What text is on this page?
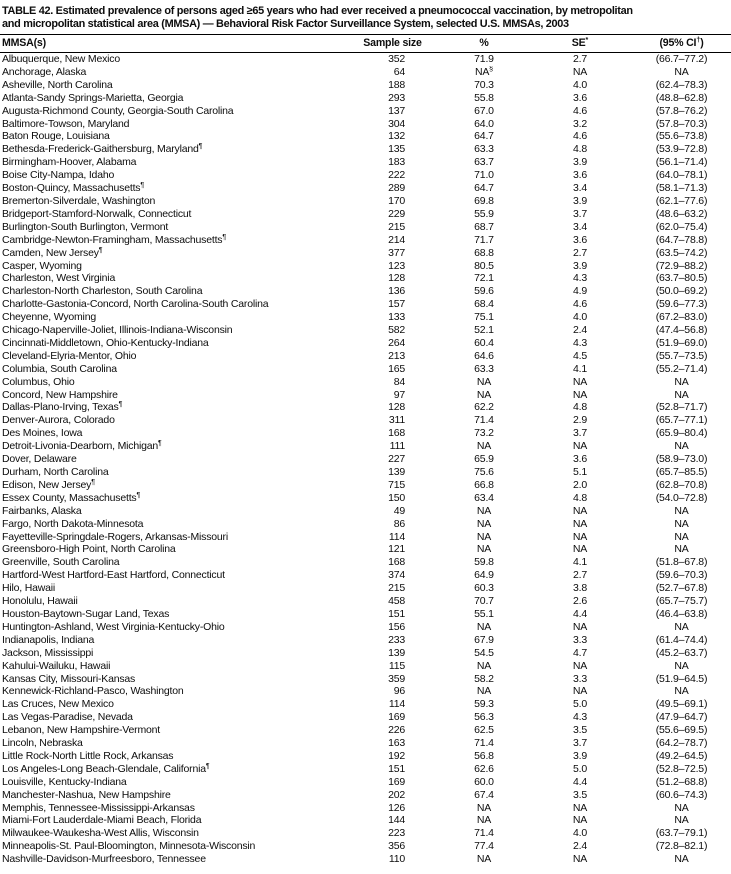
TABLE 42. Estimated prevalence of persons aged ≥65 years who had ever received a pneumococcal vaccination, by metropolitan
and micropolitan statistical area (MMSA) — Behavioral Risk Factor Surveillance System, selected U.S. MMSAs, 2003
MMSA(s)	Sample size	%	SE*	(95% CI†)
Albuquerque, New Mexico	352	71.9	2.7	(66.7–77.2)
Anchorage, Alaska	64	NA§	NA	NA
Asheville, North Carolina	188	70.3	4.0	(62.4–78.3)
Atlanta-Sandy Springs-Marietta, Georgia	293	55.8	3.6	(48.8–62.8)
Augusta-Richmond County, Georgia-South Carolina	137	67.0	4.6	(57.8–76.2)
Baltimore-Towson, Maryland	304	64.0	3.2	(57.8–70.3)
Baton Rouge, Louisiana	132	64.7	4.6	(55.6–73.8)
Bethesda-Frederick-Gaithersburg, Maryland¶	135	63.3	4.8	(53.9–72.8)
Birmingham-Hoover, Alabama	183	63.7	3.9	(56.1–71.4)
Boise City-Nampa, Idaho	222	71.0	3.6	(64.0–78.1)
Boston-Quincy, Massachusetts¶	289	64.7	3.4	(58.1–71.3)
Bremerton-Silverdale, Washington	170	69.8	3.9	(62.1–77.6)
Bridgeport-Stamford-Norwalk, Connecticut	229	55.9	3.7	(48.6–63.2)
Burlington-South Burlington, Vermont	215	68.7	3.4	(62.0–75.4)
Cambridge-Newton-Framingham, Massachusetts¶	214	71.7	3.6	(64.7–78.8)
Camden, New Jersey¶	377	68.8	2.7	(63.5–74.2)
Casper, Wyoming	123	80.5	3.9	(72.9–88.2)
Charleston, West Virginia	128	72.1	4.3	(63.7–80.5)
Charleston-North Charleston, South Carolina	136	59.6	4.9	(50.0–69.2)
Charlotte-Gastonia-Concord, North Carolina-South Carolina	157	68.4	4.6	(59.6–77.3)
Cheyenne, Wyoming	133	75.1	4.0	(67.2–83.0)
Chicago-Naperville-Joliet, Illinois-Indiana-Wisconsin	582	52.1	2.4	(47.4–56.8)
Cincinnati-Middletown, Ohio-Kentucky-Indiana	264	60.4	4.3	(51.9–69.0)
Cleveland-Elyria-Mentor, Ohio	213	64.6	4.5	(55.7–73.5)
Columbia, South Carolina	165	63.3	4.1	(55.2–71.4)
Columbus, Ohio	84	NA	NA	NA
Concord, New Hampshire	97	NA	NA	NA
Dallas-Plano-Irving, Texas¶	128	62.2	4.8	(52.8–71.7)
Denver-Aurora, Colorado	311	71.4	2.9	(65.7–77.1)
Des Moines, Iowa	168	73.2	3.7	(65.9–80.4)
Detroit-Livonia-Dearborn, Michigan¶	111	NA	NA	NA
Dover, Delaware	227	65.9	3.6	(58.9–73.0)
Durham, North Carolina	139	75.6	5.1	(65.7–85.5)
Edison, New Jersey¶	715	66.8	2.0	(62.8–70.8)
Essex County, Massachusetts¶	150	63.4	4.8	(54.0–72.8)
Fairbanks, Alaska	49	NA	NA	NA
Fargo, North Dakota-Minnesota	86	NA	NA	NA
Fayetteville-Springdale-Rogers, Arkansas-Missouri	114	NA	NA	NA
Greensboro-High Point, North Carolina	121	NA	NA	NA
Greenville, South Carolina	168	59.8	4.1	(51.8–67.8)
Hartford-West Hartford-East Hartford, Connecticut	374	64.9	2.7	(59.6–70.3)
Hilo, Hawaii	215	60.3	3.8	(52.7–67.8)
Honolulu, Hawaii	458	70.7	2.6	(65.7–75.7)
Houston-Baytown-Sugar Land, Texas	151	55.1	4.4	(46.4–63.8)
Huntington-Ashland, West Virginia-Kentucky-Ohio	156	NA	NA	NA
Indianapolis, Indiana	233	67.9	3.3	(61.4–74.4)
Jackson, Mississippi	139	54.5	4.7	(45.2–63.7)
Kahului-Wailuku, Hawaii	115	NA	NA	NA
Kansas City, Missouri-Kansas	359	58.2	3.3	(51.9–64.5)
Kennewick-Richland-Pasco, Washington	96	NA	NA	NA
Las Cruces, New Mexico	114	59.3	5.0	(49.5–69.1)
Las Vegas-Paradise, Nevada	169	56.3	4.3	(47.9–64.7)
Lebanon, New Hampshire-Vermont	226	62.5	3.5	(55.6–69.5)
Lincoln, Nebraska	163	71.4	3.7	(64.2–78.7)
Little Rock-North Little Rock, Arkansas	192	56.8	3.9	(49.2–64.5)
Los Angeles-Long Beach-Glendale, California¶	151	62.6	5.0	(52.8–72.5)
Louisville, Kentucky-Indiana	169	60.0	4.4	(51.2–68.8)
Manchester-Nashua, New Hampshire	202	67.4	3.5	(60.6–74.3)
Memphis, Tennessee-Mississippi-Arkansas	126	NA	NA	NA
Miami-Fort Lauderdale-Miami Beach, Florida	144	NA	NA	NA
Milwaukee-Waukesha-West Allis, Wisconsin	223	71.4	4.0	(63.7–79.1)
Minneapolis-St. Paul-Bloomington, Minnesota-Wisconsin	356	77.4	2.4	(72.8–82.1)
Nashville-Davidson-Murfreesboro, Tennessee	110	NA	NA	NA
